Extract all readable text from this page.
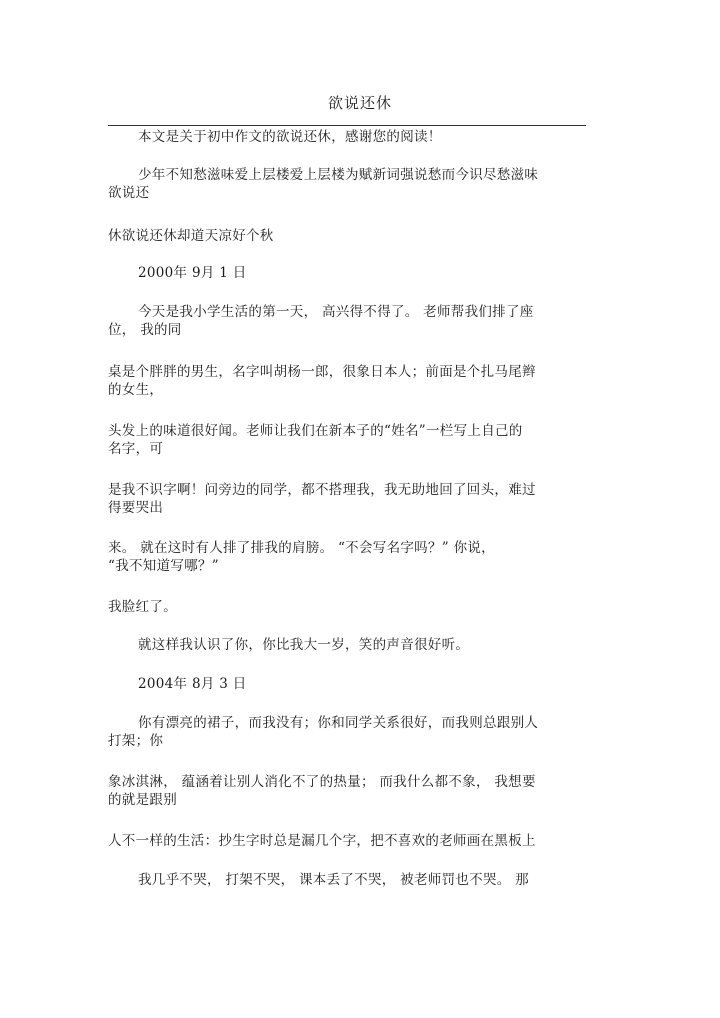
欲说还休
本文是关于初中作文的欲说还休，感谢您的阅读！
少年不知愁滋味爱上层楼爱上层楼为赋新词强说愁而今识尽愁滋味
欲说还
休欲说还休却道天凉好个秋
2000年 9月 1 日
今天是我小学生活的第一天， 高兴得不得了。 老师帮我们排了座
位， 我的同
桌是个胖胖的男生，名字叫胡杨一郎，很象日本人；前面是个扎马尾辫
的女生，
头发上的味道很好闻。老师让我们在新本子的“姓名”一栏写上自己的
名字，可
是我不识字啊！问旁边的同学，都不搭理我，我无助地回了回头，难过
得要哭出
来。 就在这时有人排了排我的肩膀。 “不会写名字吗？” 你说，
“我不知道写哪？”
我脸红了。
就这样我认识了你，你比我大一岁，笑的声音很好听。
2004年 8月 3 日
你有漂亮的裙子，而我没有；你和同学关系很好，而我则总跟别人
打架；你
象冰淇淋， 蕴涵着让别人消化不了的热量； 而我什么都不象， 我想要
的就是跟别
人不一样的生活：抄生字时总是漏几个字，把不喜欢的老师画在黑板上
我几乎不哭， 打架不哭， 课本丢了不哭， 被老师罚也不哭。 那
